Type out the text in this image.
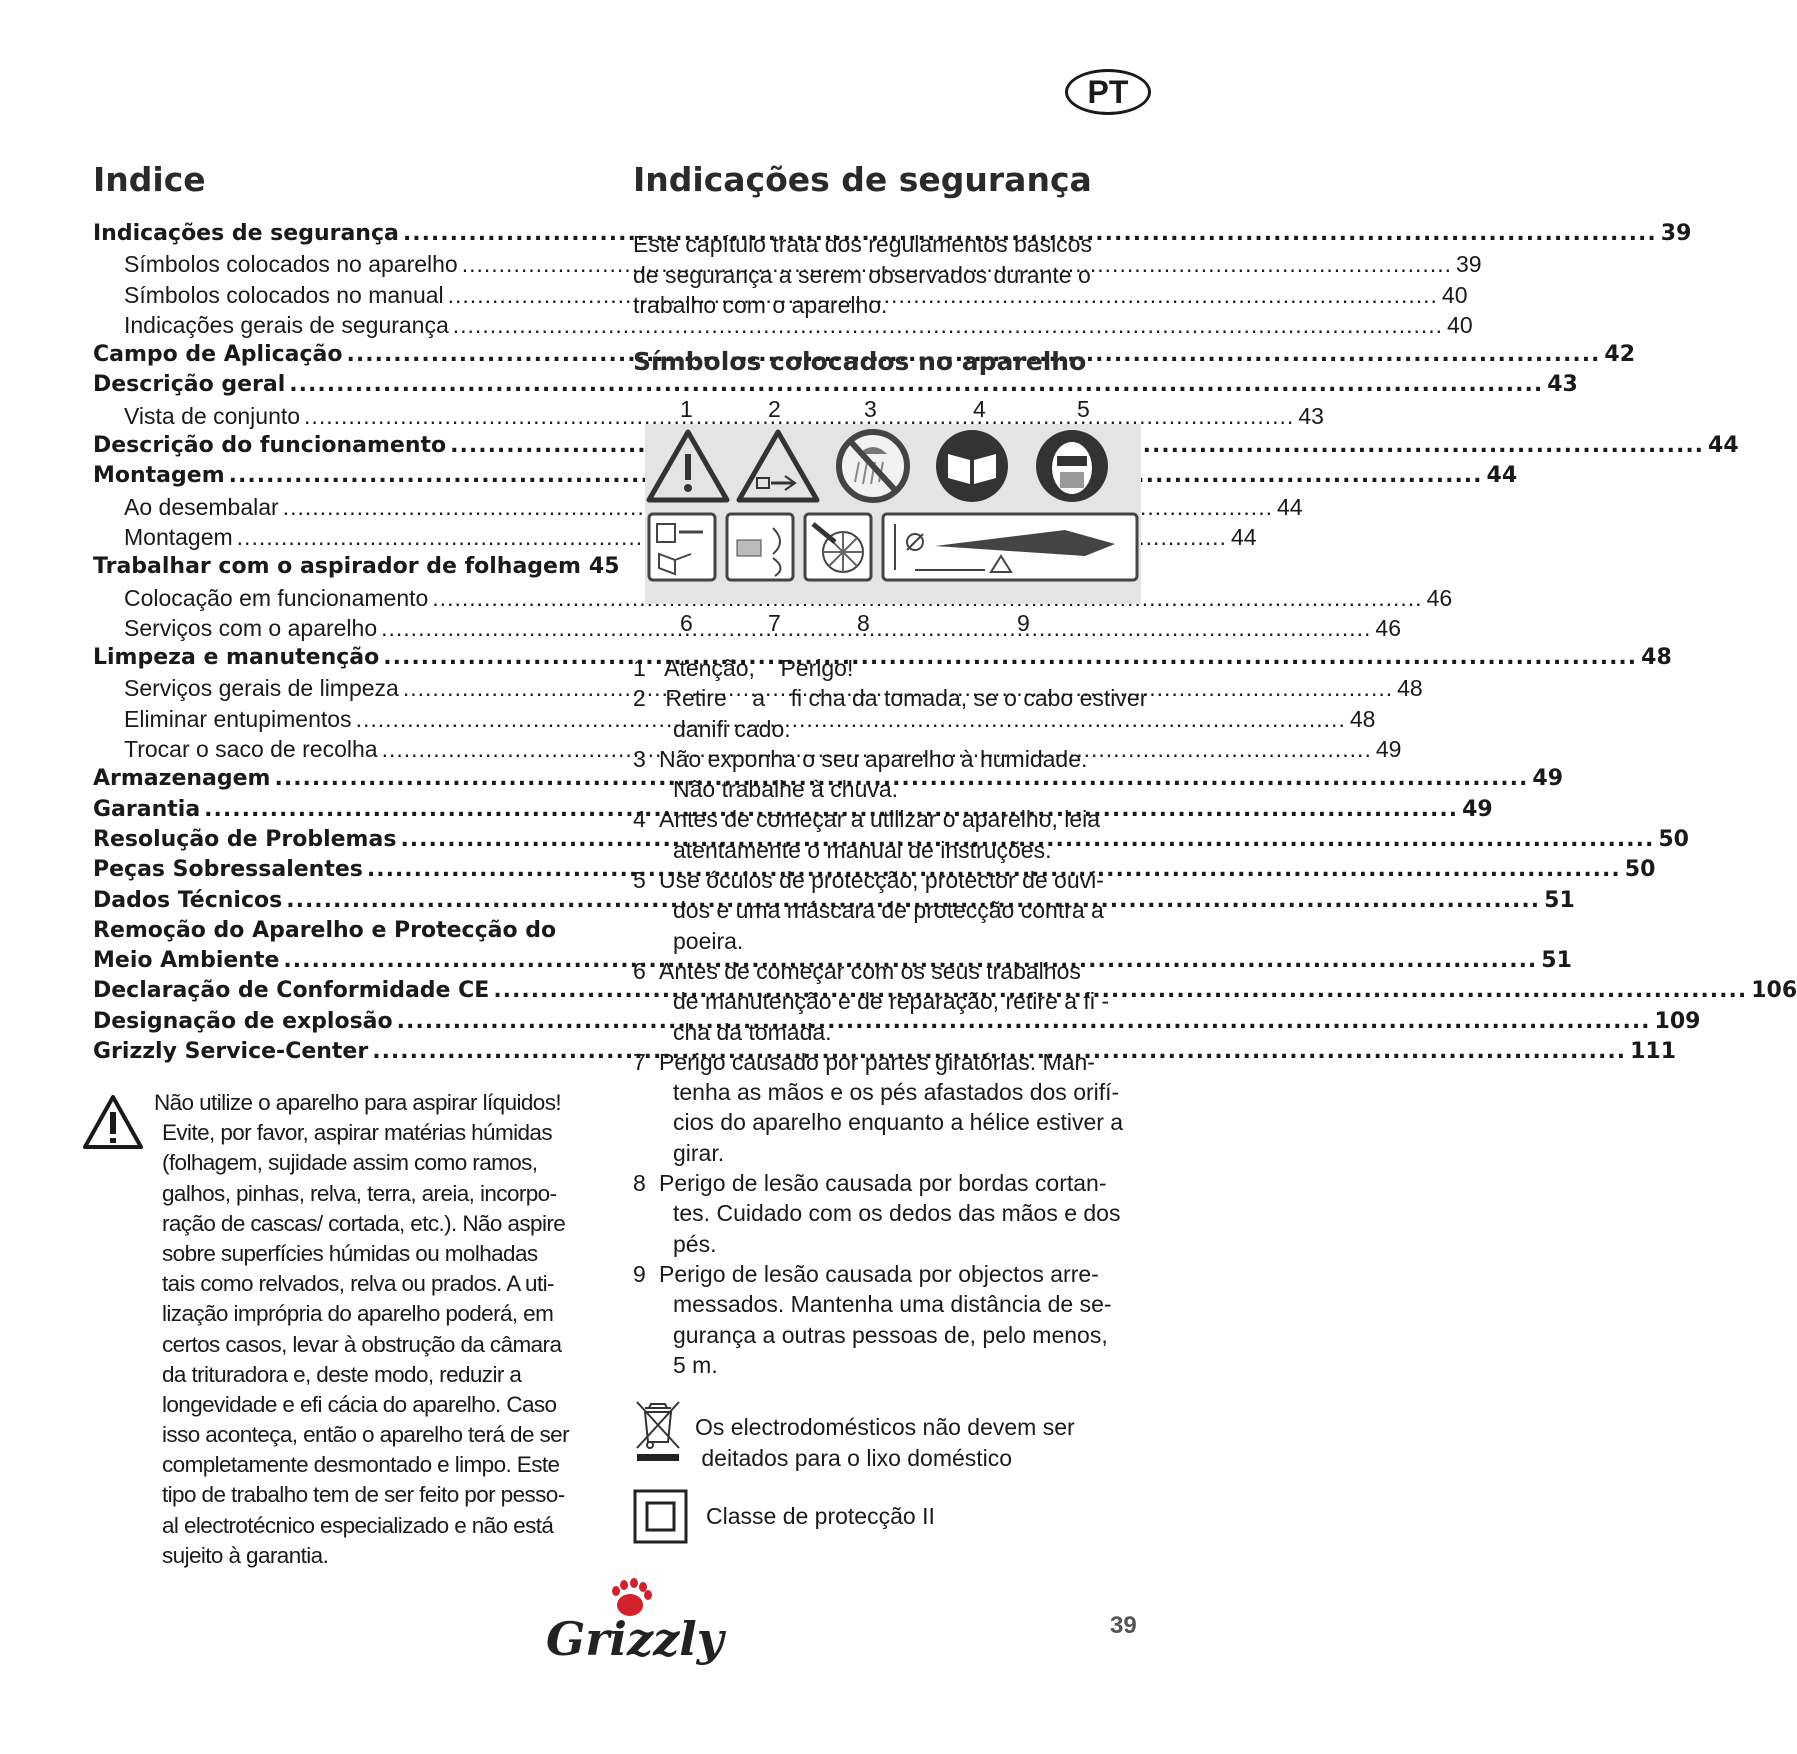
PT
Indice
Indicações de segurança .....	39
Símbolos colocados no aparelho .....	39
Símbolos colocados no manual .....	40
Indicações gerais de segurança .....	40
Campo de Aplicação .....	42
Descrição geral .....	43
Vista de conjunto .....	43
Descrição do funcionamento .....	44
Montagem .....	44
Ao desembalar .....	44
Montagem .....	44
Trabalhar com o aspirador de folhagem 45
Colocação em funcionamento .....	46
Serviços com o aparelho .....	46
Limpeza e manutenção .....	48
Serviços gerais de limpeza .....	48
Eliminar entupimentos .....	48
Trocar o saco de recolha .....	49
Armazenagem .....	49
Garantia .....	49
Resolução de Problemas .....	50
Peças Sobressalentes .....	50
Dados Técnicos .....	51
Remoção do Aparelho e Protecção do
Meio Ambiente .....	51
Declaração de Conformidade CE .....	106
Designação de explosão .....	109
Grizzly Service-Center .....	111
Não utilize o aparelho para aspirar líquidos!
Evite, por favor, aspirar matérias húmidas
(folhagem, sujidade assim como ramos,
galhos, pinhas, relva, terra, areia, incorpo-
ração de cascas/ cortada, etc.). Não aspire
sobre superfícies húmidas ou molhadas
tais como relvados, relva ou prados. A uti-
lização imprópria do aparelho poderá, em
certos casos, levar à obstrução da câmara
da trituradora e, deste modo, reduzir a
longevidade e efi cácia do aparelho. Caso
isso aconteça, então o aparelho terá de ser
completamente desmontado e limpo. Este
tipo de trabalho tem de ser feito por pesso-
al electrotécnico especializado e não está
sujeito à garantia.
Indicações de segurança
Este capítulo trata dos regulamentos básicos
de segurança a serem observados durante o
trabalho com o aparelho.
Símbolos colocados no aparelho
1	2	3	4	5
6	7	8	9
1 Atenção,    Perigo!
2 Retire    a    fi cha da tomada, se o cabo estiver
danifi cado.
3 Não exponha o seu aparelho à humidade.
Não trabalhe à chuva.
4 Antes de começar a utilizar o aparelho, leia
atentamente o manual de instruções.
5 Use óculos de protecção, protector de ouvi-
dos e uma máscara de protecção contra a
poeira.
6 Antes de começar com os seus trabalhos
de manutenção e de reparação, retire a fi -
cha da tomada.
7 Perigo causado por partes giratórias. Man-
tenha as mãos e os pés afastados dos orifí-
cios do aparelho enquanto a hélice estiver a
girar.
8 Perigo de lesão causada por bordas cortan-
tes. Cuidado com os dedos das mãos e dos
pés.
9 Perigo de lesão causada por objectos arre-
messados. Mantenha uma distância de se-
gurança a outras pessoas de, pelo menos,
5 m.
Os electrodomésticos não devem ser
deitados para o lixo doméstico
Classe de protecção II
Grizzly	39
